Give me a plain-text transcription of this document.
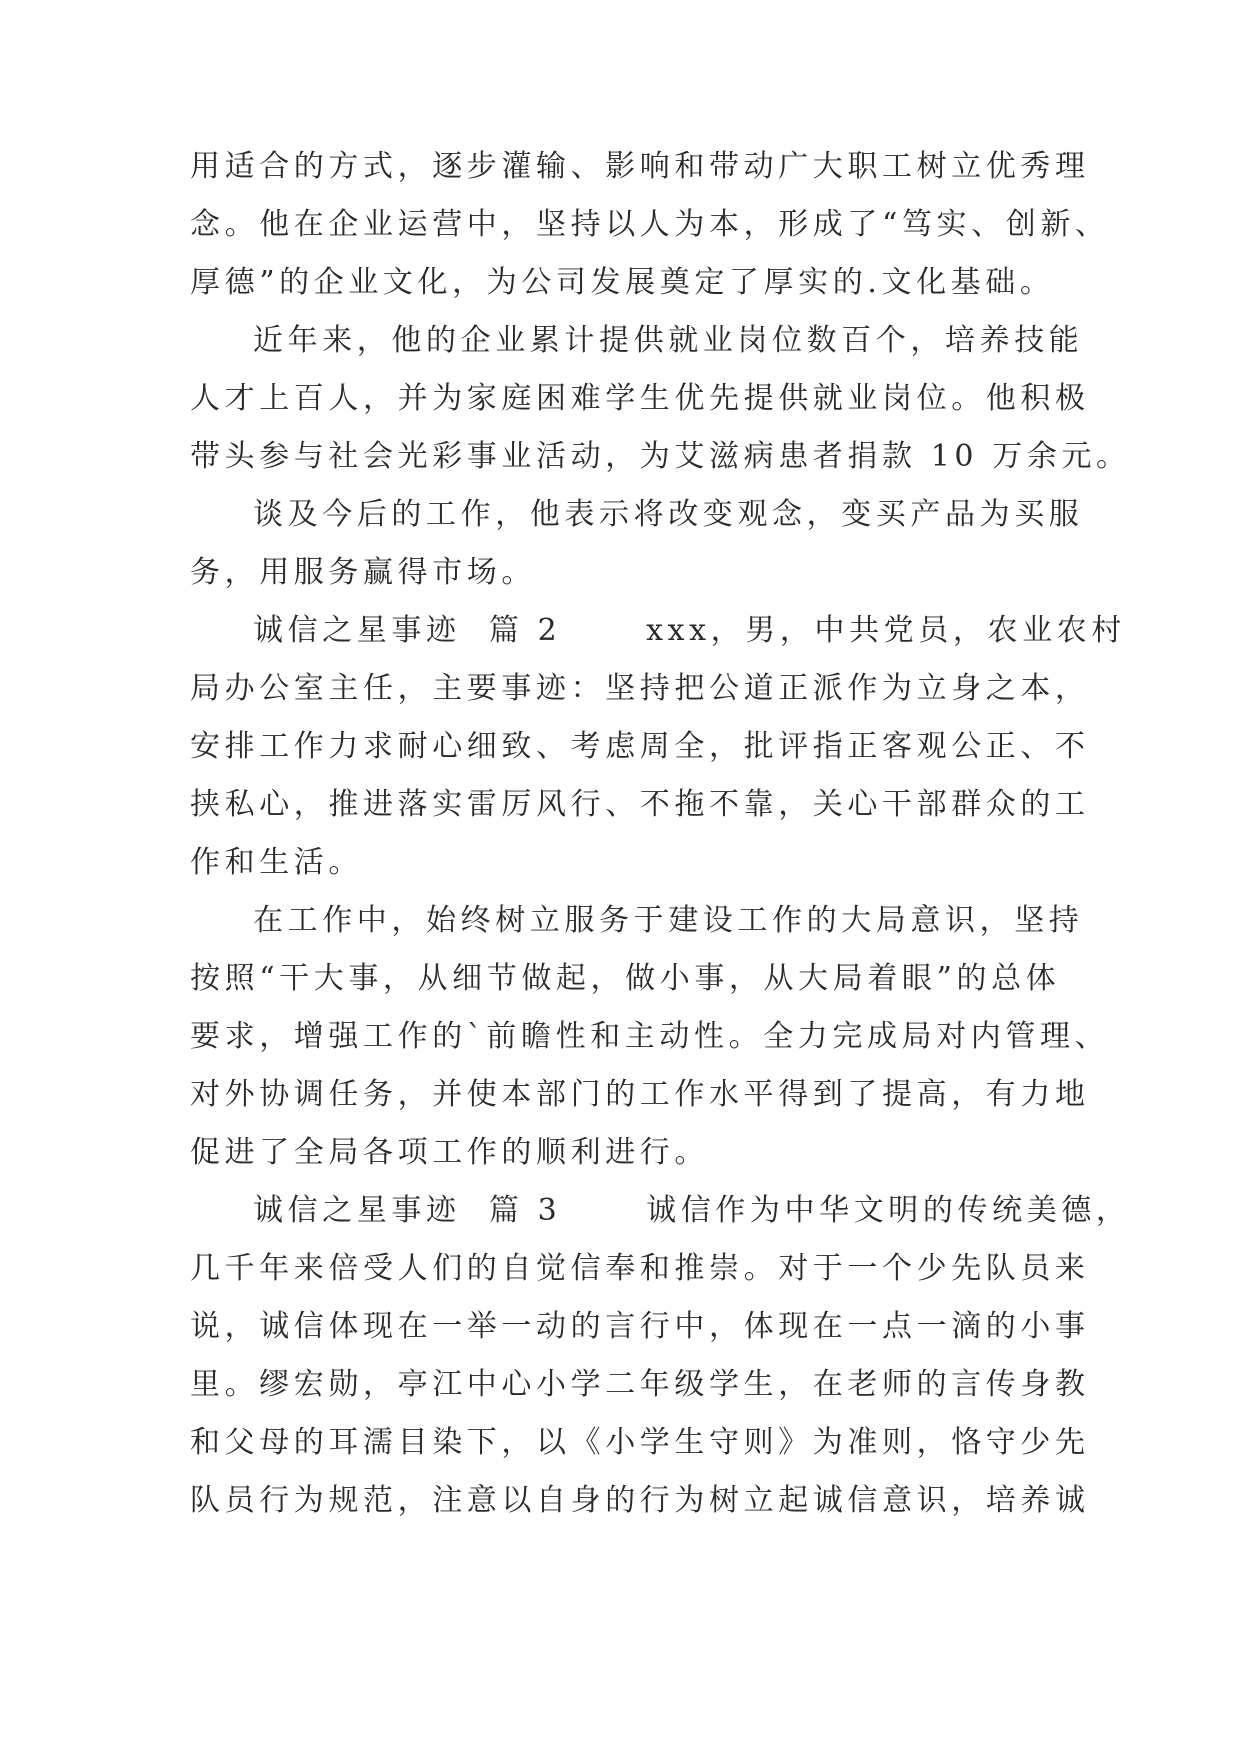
用适合的方式，逐步灌输、影响和带动广大职工树立优秀理
念。他在企业运营中，坚持以人为本，形成了“笃实、创新、
厚德”的企业文化，为公司发展奠定了厚实的.文化基础。
近年来，他的企业累计提供就业岗位数百个，培养技能
人才上百人，并为家庭困难学生优先提供就业岗位。他积极
带头参与社会光彩事业活动，为艾滋病患者捐款 10 万余元。
谈及今后的工作，他表示将改变观念，变买产品为买服
务，用服务赢得市场。
诚信之星事迹  篇 2      xxx，男，中共党员，农业农村
局办公室主任，主要事迹：坚持把公道正派作为立身之本，
安排工作力求耐心细致、考虑周全，批评指正客观公正、不
挟私心，推进落实雷厉风行、不拖不靠，关心干部群众的工
作和生活。
在工作中，始终树立服务于建设工作的大局意识，坚持
按照“干大事，从细节做起，做小事，从大局着眼”的总体
要求，增强工作的`前瞻性和主动性。全力完成局对内管理、
对外协调任务，并使本部门的工作水平得到了提高，有力地
促进了全局各项工作的顺利进行。
诚信之星事迹  篇 3      诚信作为中华文明的传统美德，
几千年来倍受人们的自觉信奉和推崇。对于一个少先队员来
说，诚信体现在一举一动的言行中，体现在一点一滴的小事
里。缪宏勋，亭江中心小学二年级学生，在老师的言传身教
和父母的耳濡目染下，以《小学生守则》为准则，恪守少先
队员行为规范，注意以自身的行为树立起诚信意识，培养诚
